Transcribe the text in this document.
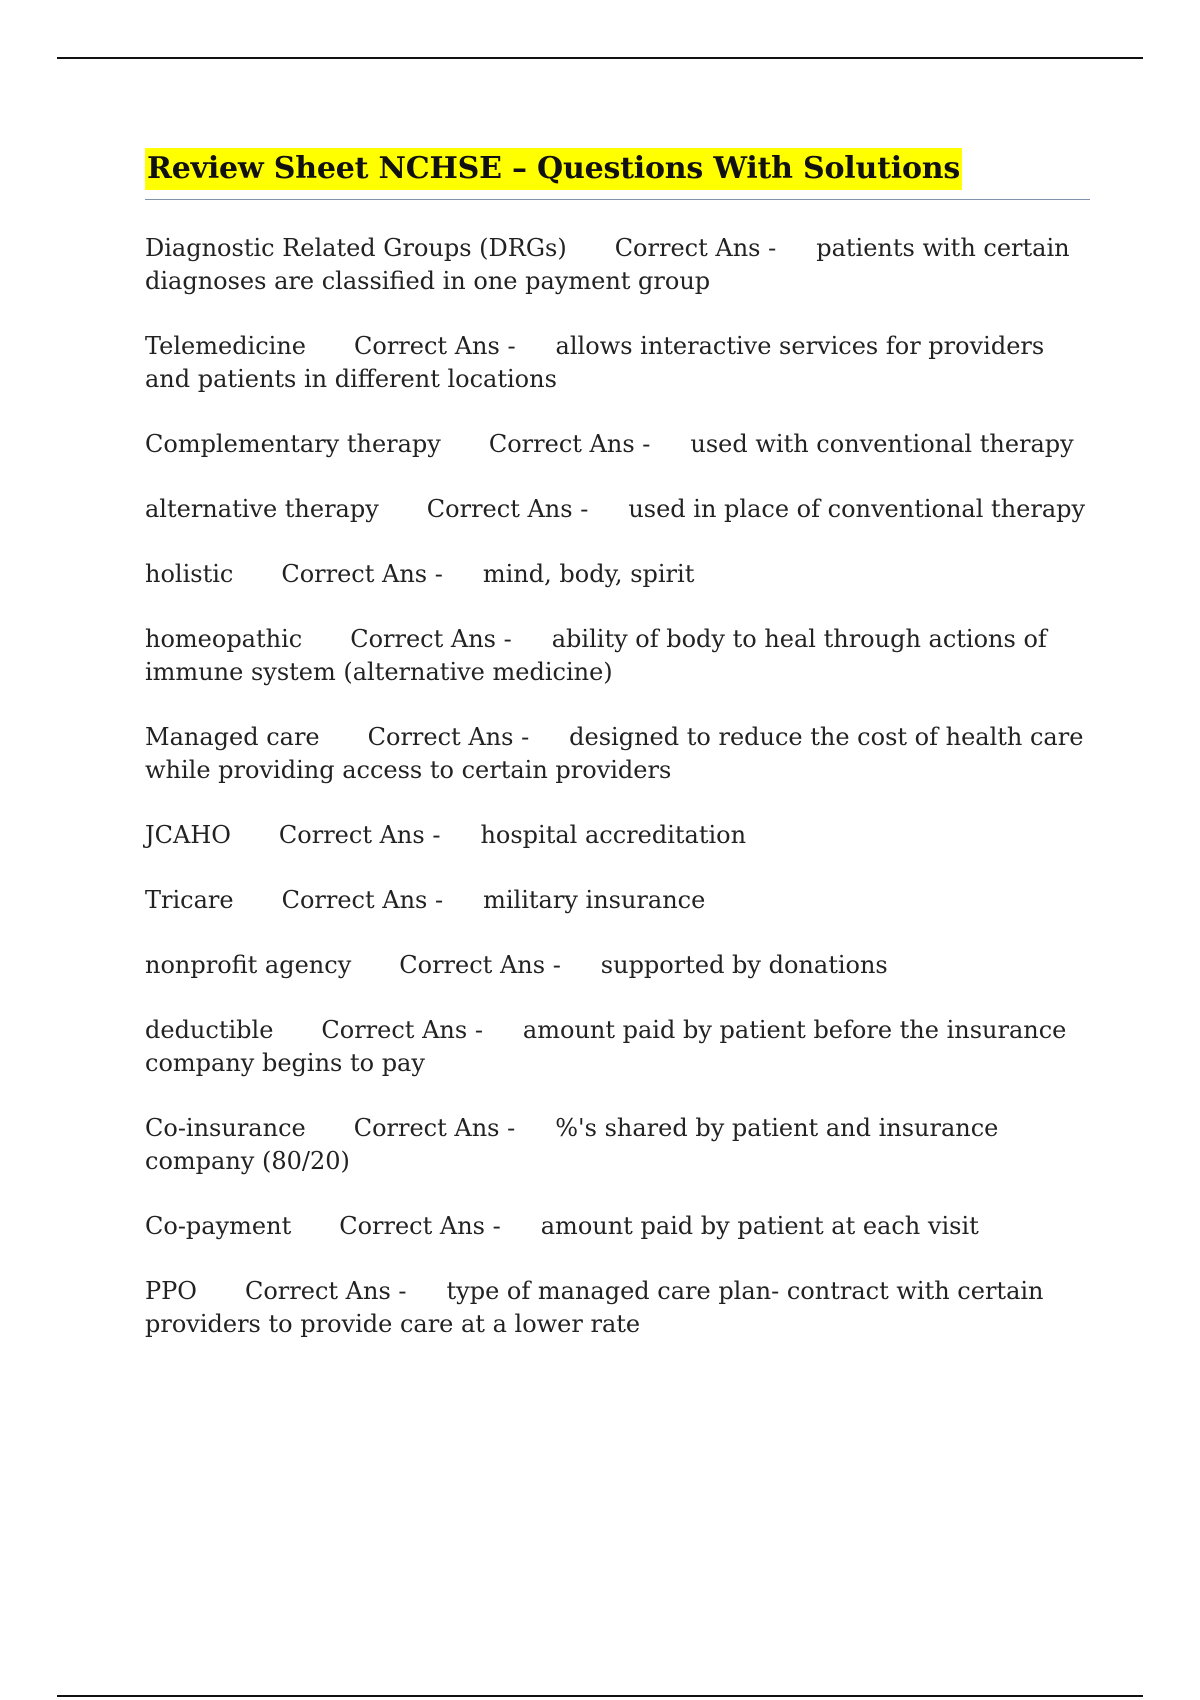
Review Sheet NCHSE – Questions With Solutions

Diagnostic Related Groups (DRGs) Correct Ans - patients with certain diagnoses are classified in one payment group

Telemedicine Correct Ans - allows interactive services for providers and patients in different locations

Complementary therapy Correct Ans - used with conventional therapy

alternative therapy Correct Ans - used in place of conventional therapy

holistic Correct Ans - mind, body, spirit

homeopathic Correct Ans - ability of body to heal through actions of immune system (alternative medicine)

Managed care Correct Ans - designed to reduce the cost of health care while providing access to certain providers

JCAHO Correct Ans - hospital accreditation

Tricare Correct Ans - military insurance

nonprofit agency Correct Ans - supported by donations

deductible Correct Ans - amount paid by patient before the insurance company begins to pay

Co-insurance Correct Ans - %'s shared by patient and insurance company (80/20)

Co-payment Correct Ans - amount paid by patient at each visit

PPO Correct Ans - type of managed care plan- contract with certain providers to provide care at a lower rate
